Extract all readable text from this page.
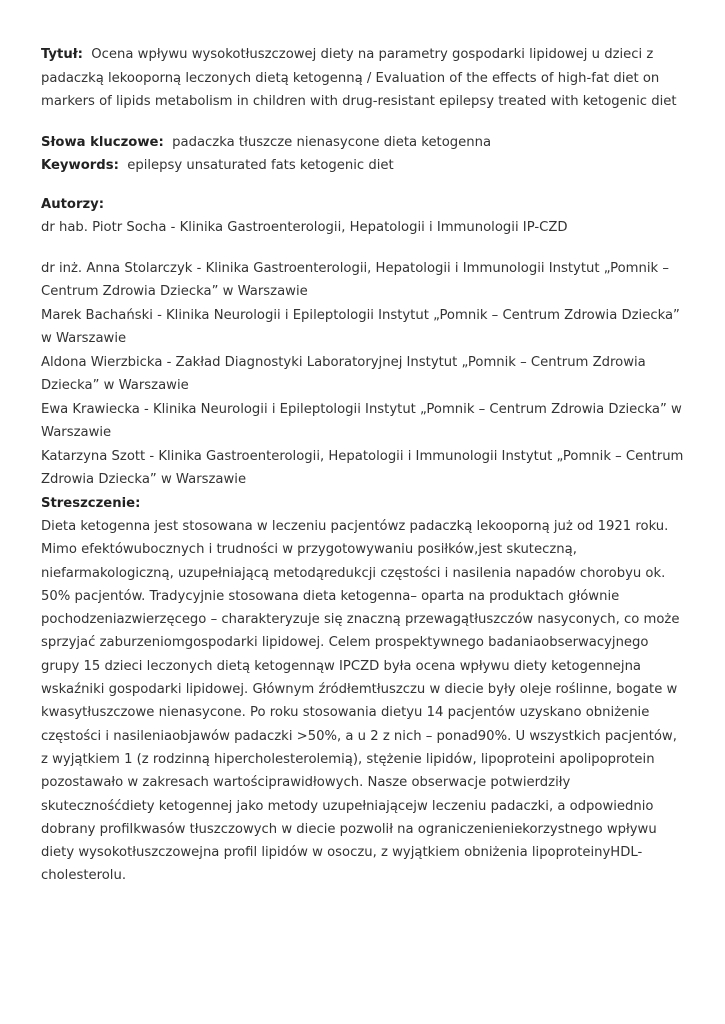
Tytuł: Ocena wpływu wysokotłuszczowej diety na parametry gospodarki lipidowej u dzieci z padaczką lekooporną leczonych dietą ketogenną / Evaluation of the effects of high-fat diet on markers of lipids metabolism in children with drug-resistant epilepsy treated with ketogenic diet

Słowa kluczowe: padaczka tłuszcze nienasycone dieta ketogenna

Keywords: epilepsy unsaturated fats ketogenic diet

Autorzy:

dr hab. Piotr Socha - Klinika Gastroenterologii, Hepatologii i Immunologii IP-CZD

dr inż. Anna Stolarczyk - Klinika Gastroenterologii, Hepatologii i Immunologii Instytut „Pomnik – Centrum Zdrowia Dziecka” w Warszawie

Marek Bachański - Klinika Neurologii i Epileptologii Instytut „Pomnik – Centrum Zdrowia Dziecka” w Warszawie

Aldona Wierzbicka - Zakład Diagnostyki Laboratoryjnej Instytut „Pomnik – Centrum Zdrowia Dziecka” w Warszawie

Ewa Krawiecka - Klinika Neurologii i Epileptologii Instytut „Pomnik – Centrum Zdrowia Dziecka” w Warszawie

Katarzyna Szott - Klinika Gastroenterologii, Hepatologii i Immunologii Instytut „Pomnik – Centrum Zdrowia Dziecka” w Warszawie

Streszczenie:

Dieta ketogenna jest stosowana w leczeniu pacjentówz padaczką lekooporną już od 1921 roku. Mimo efektówubocznych i trudności w przygotowywaniu posiłków,jest skuteczną, niefarmakologiczną, uzupełniającą metodąredukcji częstości i nasilenia napadów chorobyu ok. 50% pacjentów. Tradycyjnie stosowana dieta ketogenna– oparta na produktach głównie pochodzeniazwierzęcego – charakteryzuje się znaczną przewagątłuszczów nasyconych, co może sprzyjać zaburzeniomgospodarki lipidowej. Celem prospektywnego badaniaobserwacyjnego grupy 15 dzieci leczonych dietą ketogennąw IPCZD była ocena wpływu diety ketogennejna wskaźniki gospodarki lipidowej. Głównym źródłemtłuszczu w diecie były oleje roślinne, bogate w kwasytłuszczowe nienasycone. Po roku stosowania dietyu 14 pacjentów uzyskano obniżenie częstości i nasileniaobjawów padaczki >50%, a u 2 z nich – ponad90%. U wszystkich pacjentów, z wyjątkiem 1 (z rodzinną hipercholesterolemią), stężenie lipidów, lipoproteini apolipoprotein pozostawało w zakresach wartościprawidłowych. Nasze obserwacje potwierdziły skutecznośćdiety ketogennej jako metody uzupełniającejw leczeniu padaczki, a odpowiednio dobrany profilkwasów tłuszczowych w diecie pozwolił na ograniczenieniekorzystnego wpływu diety wysokotłuszczowejna profil lipidów w osoczu, z wyjątkiem obniżenia lipoproteinyHDL-cholesterolu.
